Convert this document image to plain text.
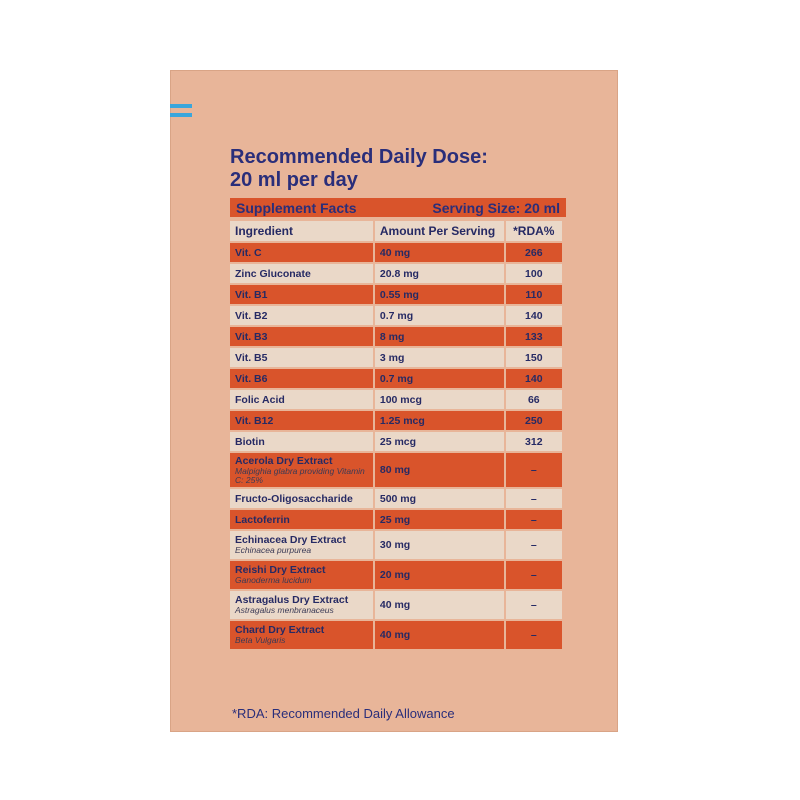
Recommended Daily Dose:
20 ml per day
Supplement Facts	Serving Size: 20 ml
Ingredient	Amount Per Serving	*RDA%
Vit. C	40 mg	266
Zinc Gluconate	20.8 mg	100
Vit. B1	0.55 mg	110
Vit. B2	0.7 mg	140
Vit. B3	8 mg	133
Vit. B5	3 mg	150
Vit. B6	0.7 mg	140
Folic Acid	100 mcg	66
Vit. B12	1.25 mcg	250
Biotin	25 mcg	312
Acerola Dry Extract
Malpighia glabra providing Vitamin C: 25%	80 mg	–
Fructo-Oligosaccharide	500 mg	–
Lactoferrin	25 mg	–
Echinacea Dry Extract
Echinacea purpurea	30 mg	–
Reishi Dry Extract
Ganoderma lucidum	20 mg	–
Astragalus Dry Extract
Astragalus menbranaceus	40 mg	–
Chard Dry Extract
Beta Vulgaris	40 mg	–

*RDA: Recommended Daily Allowance
